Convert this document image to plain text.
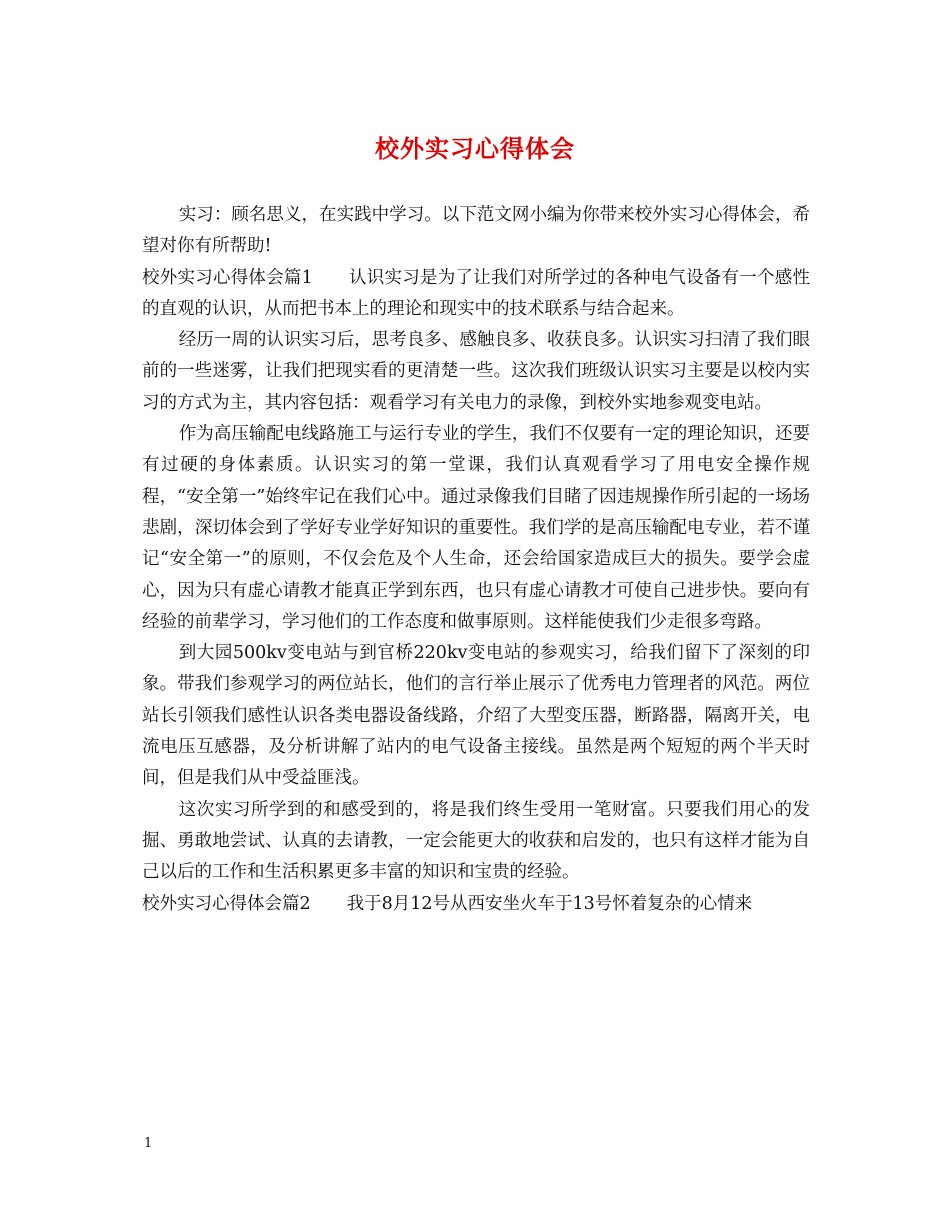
校外实习心得体会

实习：顾名思义，在实践中学习。以下范文网小编为你带来校外实习心得体会，希望对你有所帮助!

校外实习心得体会篇1 认识实习是为了让我们对所学过的各种电气设备有一个感性的直观的认识，从而把书本上的理论和现实中的技术联系与结合起来。

经历一周的认识实习后，思考良多、感触良多、收获良多。认识实习扫清了我们眼前的一些迷雾，让我们把现实看的更清楚一些。这次我们班级认识实习主要是以校内实习的方式为主，其内容包括：观看学习有关电力的录像，到校外实地参观变电站。

作为高压输配电线路施工与运行专业的学生，我们不仅要有一定的理论知识，还要有过硬的身体素质。认识实习的第一堂课，我们认真观看学习了用电安全操作规程，“安全第一”始终牢记在我们心中。通过录像我们目睹了因违规操作所引起的一场场悲剧，深切体会到了学好专业学好知识的重要性。我们学的是高压输配电专业，若不谨记“安全第一”的原则，不仅会危及个人生命，还会给国家造成巨大的损失。要学会虚心，因为只有虚心请教才能真正学到东西，也只有虚心请教才可使自己进步快。要向有经验的前辈学习，学习他们的工作态度和做事原则。这样能使我们少走很多弯路。

到大园500kv变电站与到官桥220kv变电站的参观实习，给我们留下了深刻的印象。带我们参观学习的两位站长，他们的言行举止展示了优秀电力管理者的风范。两位站长引领我们感性认识各类电器设备线路，介绍了大型变压器，断路器，隔离开关，电流电压互感器，及分析讲解了站内的电气设备主接线。虽然是两个短短的两个半天时间，但是我们从中受益匪浅。

这次实习所学到的和感受到的，将是我们终生受用一笔财富。只要我们用心的发掘、勇敢地尝试、认真的去请教，一定会能更大的收获和启发的，也只有这样才能为自己以后的工作和生活积累更多丰富的知识和宝贵的经验。

校外实习心得体会篇2 我于8月12号从西安坐火车于13号怀着复杂的心情来

1
